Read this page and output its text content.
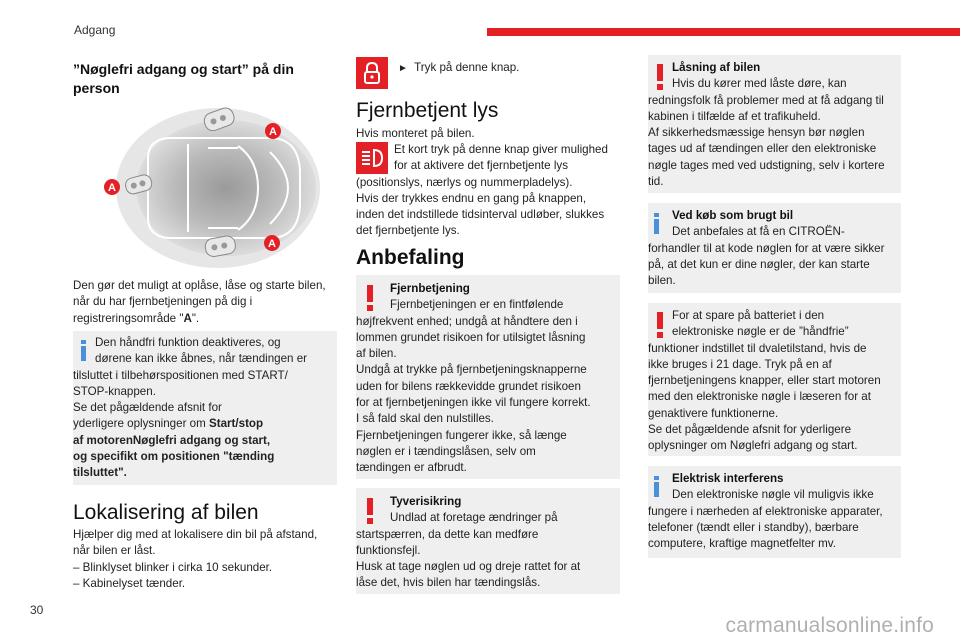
Adgang
30
carmanualsonline.info
”Nøglefri adgang og start” på din person
A
A
A
Den gør det muligt at oplåse, låse og starte bilen, når du har fjernbetjeningen på dig i registreringsområde "A".
Den håndfri funktion deaktiveres, og
dørene kan ikke åbnes, når tændingen er
tilsluttet i tilbehørspositionen med START/
STOP-knappen.
Se det pågældende afsnit for
yderligere oplysninger om Start/stop
af motorenNøglefri adgang og start,
og specifikt om positionen "tænding
tilsluttet".
Lokalisering af bilen
Hjælper dig med at lokalisere din bil på afstand,
når bilen er låst.
– Blinklyset blinker i cirka 10 sekunder.
– Kabinelyset tænder.
► Tryk på denne knap.
Fjernbetjent lys
Hvis monteret på bilen.
Et kort tryk på denne knap giver mulighed
for at aktivere det fjernbetjente lys
(positionslys, nærlys og nummerpladelys).
Hvis der trykkes endnu en gang på knappen,
inden det indstillede tidsinterval udløber, slukkes
det fjernbetjente lys.
Anbefaling
Fjernbetjening
Fjernbetjeningen er en fintfølende
højfrekvent enhed; undgå at håndtere den i
lommen grundet risikoen for utilsigtet låsning
af bilen.
Undgå at trykke på fjernbetjeningsknapperne
uden for bilens rækkevidde grundet risikoen
for at fjernbetjeningen ikke vil fungere korrekt.
I så fald skal den nulstilles.
Fjernbetjeningen fungerer ikke, så længe
nøglen er i tændingslåsen, selv om
tændingen er afbrudt.
Tyverisikring
Undlad at foretage ændringer på
startspærren, da dette kan medføre
funktionsfejl.
Husk at tage nøglen ud og dreje rattet for at
låse det, hvis bilen har tændingslås.
Låsning af bilen
Hvis du kører med låste døre, kan
redningsfolk få problemer med at få adgang til
kabinen i tilfælde af et trafikuheld.
Af sikkerhedsmæssige hensyn bør nøglen
tages ud af tændingen eller den elektroniske
nøgle tages med ved udstigning, selv i kortere
tid.
Ved køb som brugt bil
Det anbefales at få en CITROËN-
forhandler til at kode nøglen for at være sikker
på, at det kun er dine nøgler, der kan starte
bilen.
For at spare på batteriet i den
elektroniske nøgle er de ”håndfrie”
funktioner indstillet til dvaletilstand, hvis de
ikke bruges i 21 dage. Tryk på en af
fjernbetjeningens knapper, eller start motoren
med den elektroniske nøgle i læseren for at
genaktivere funktionerne.
Se det pågældende afsnit for yderligere
oplysninger om Nøglefri adgang og start.
Elektrisk interferens
Den elektroniske nøgle vil muligvis ikke
fungere i nærheden af elektroniske apparater,
telefoner (tændt eller i standby), bærbare
computere, kraftige magnetfelter mv.
